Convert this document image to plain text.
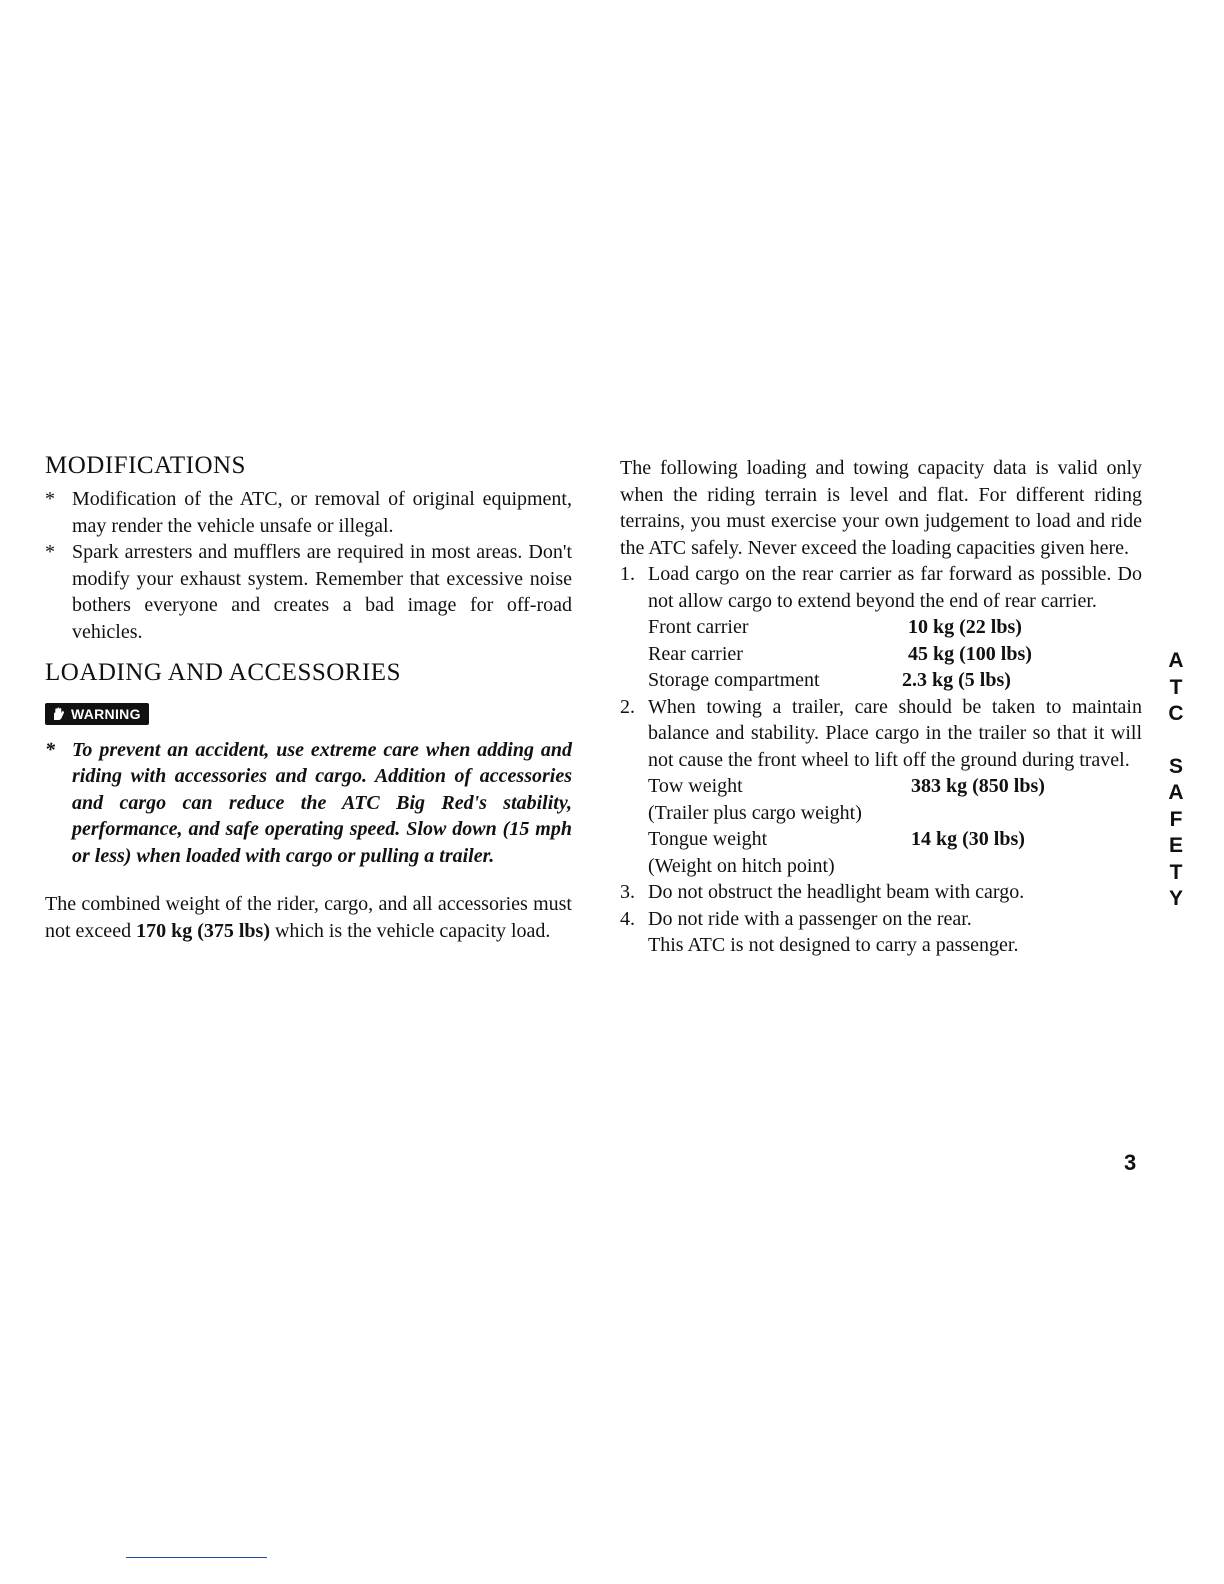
MODIFICATIONS
* Modification of the ATC, or removal of original equipment, may render the vehicle unsafe or illegal.
* Spark arresters and mufflers are required in most areas. Don't modify your exhaust system. Remember that excessive noise bothers everyone and creates a bad image for off-road vehicles.
LOADING AND ACCESSORIES
WARNING
* To prevent an accident, use extreme care when adding and riding with accessories and cargo. Addition of accessories and cargo can reduce the ATC Big Red's stability, performance, and safe operating speed. Slow down (15 mph or less) when loaded with cargo or pulling a trailer.

The combined weight of the rider, cargo, and all accessories must not exceed 170 kg (375 lbs) which is the vehicle capacity load.

The following loading and towing capacity data is valid only when the riding terrain is level and flat. For different riding terrains, you must exercise your own judgement to load and ride the ATC safely. Never exceed the loading capacities given here.

1. Load cargo on the rear carrier as far forward as possible. Do not allow cargo to extend beyond the end of rear carrier.
Front carrier	10 kg (22 lbs)
Rear carrier	45 kg (100 lbs)
Storage compartment	2.3 kg (5 lbs)
2. When towing a trailer, care should be taken to maintain balance and stability. Place cargo in the trailer so that it will not cause the front wheel to lift off the ground during travel.
Tow weight	383 kg (850 lbs)
(Trailer plus cargo weight)
Tongue weight	14 kg (30 lbs)
(Weight on hitch point)
3. Do not obstruct the headlight beam with cargo.
4. Do not ride with a passenger on the rear.
This ATC is not designed to carry a passenger.
A
T
C
S
A
F
E
T
Y
3
